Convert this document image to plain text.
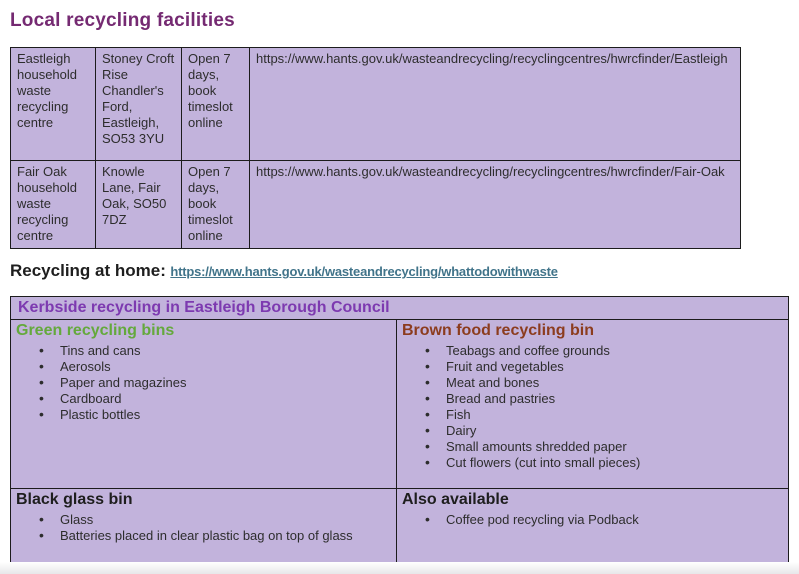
Local recycling facilities
Eastleigh household waste recycling centre	Stoney Croft Rise Chandler's Ford, Eastleigh, SO53 3YU	Open 7 days, book timeslot online	https://www.hants.gov.uk/wasteandrecycling/recyclingcentres/hwrcfinder/Eastleigh
Fair Oak household waste recycling centre	Knowle Lane, Fair Oak, SO50 7DZ	Open 7 days, book timeslot online	https://www.hants.gov.uk/wasteandrecycling/recyclingcentres/hwrcfinder/Fair-Oak
Recycling at home: https://www.hants.gov.uk/wasteandrecycling/whattodowithwaste
Kerbside recycling in Eastleigh Borough Council	

Green recycling bins
• Tins and cans
• Aerosols
• Paper and magazines
• Cardboard
• Plastic bottles

Brown food recycling bin
• Teabags and coffee grounds
• Fruit and vegetables
• Meat and bones
• Bread and pastries
• Fish
• Dairy
• Small amounts shredded paper
• Cut flowers (cut into small pieces)

Black glass bin
• Glass
• Batteries placed in clear plastic bag on top of glass

Also available
• Coffee pod recycling via Podback
